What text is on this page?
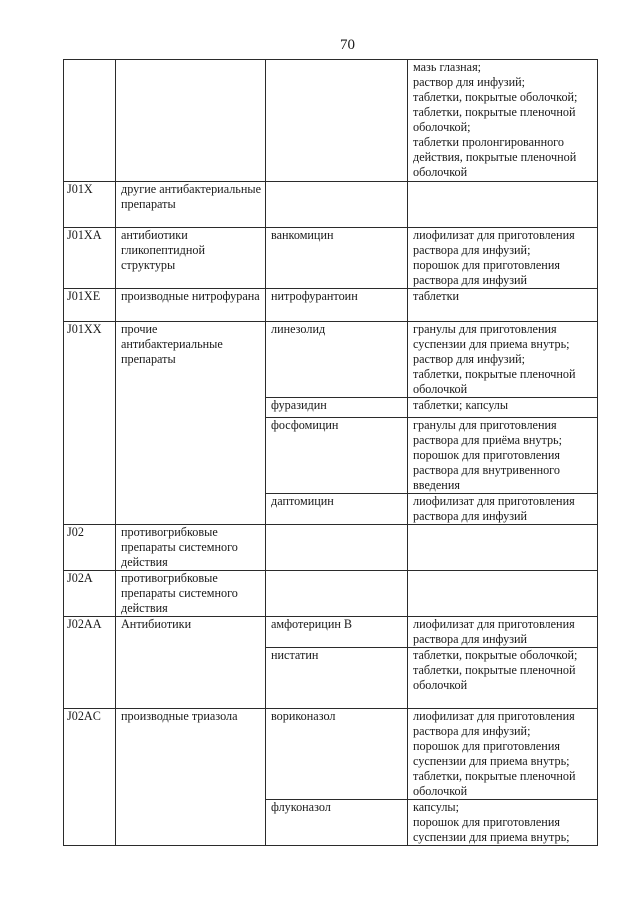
70

			мазь глазная;
раствор для инфузий;
таблетки, покрытые оболочкой;
таблетки, покрытые пленочной оболочкой;
таблетки пролонгированного действия, покрытые пленочной оболочкой

J01X	другие антибактериальные препараты		
J01XA	антибиотики гликопептидной структуры	ванкомицин	лиофилизат для приготовления раствора для инфузий;
порошок для приготовления раствора для инфузий

J01XE	производные нитрофурана	нитрофурантоин	таблетки

J01XX	прочие антибактериальные препараты	линезолид	гранулы для приготовления суспензии для приема внутрь;
раствор для инфузий;
таблетки, покрытые пленочной оболочкой

		фуразидин	таблетки; капсулы

		фосфомицин	гранулы для приготовления раствора для приёма внутрь;
порошок для приготовления раствора для внутривенного введения

		даптомицин	лиофилизат для приготовления раствора для инфузий

J02	противогрибковые препараты системного действия		
J02A	противогрибковые препараты системного действия		
J02AA	Антибиотики	амфотерицин В	лиофилизат для приготовления раствора для инфузий

		нистатин	таблетки, покрытые оболочкой;
таблетки, покрытые пленочной оболочкой

J02AC	производные триазола	вориконазол	лиофилизат для приготовления раствора для инфузий;
порошок для приготовления суспензии для приема внутрь;
таблетки, покрытые пленочной оболочкой

		флуконазол	капсулы;
порошок для приготовления суспензии для приема внутрь;
